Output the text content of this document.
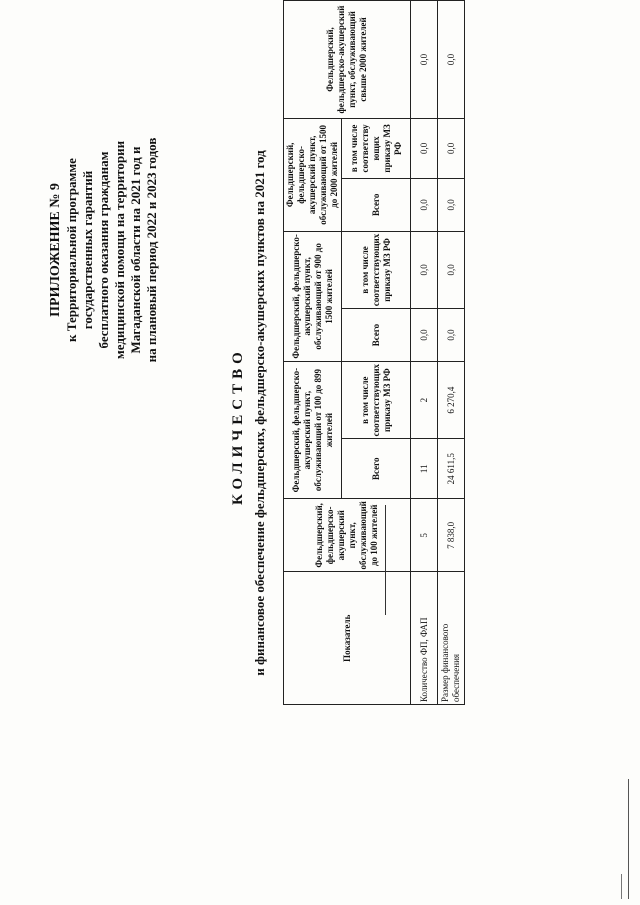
ПРИЛОЖЕНИЕ № 9 к Территориальной программе государственных гарантий бесплатного оказания гражданам медицинской помощи на территории Магаданской области на 2021 год и на плановый период 2022 и 2023 годов
КОЛИЧЕСТВО и финансовое обеспечение фельдшерских, фельдшерско-акушерских пунктов на 2021 год	Показатель	Фельдшерский, фельдшерско-акушерский пункт, обслуживающий до 100 жителей	Фельдшерский, фельдшерско-акушерский пункт, обслуживающий от 100 до 899 жителей		Фельдшерский, фельдшерско-акушерский пункт, обслуживающий от 900 до 1500 жителей		Фельдшерский, фельдшерско-акушерский пункт, обслуживающий от 1500 до 2000 жителей		Фельдшерский, фельдшерско-акушерский пункт, обслуживающий свыше 2000 жителей
		Всего	в том числе соответствующих приказу МЗ РФ	Всего	в том числе соответствующих приказу МЗ РФ	Всего	в том числе соответству ющих приказу МЗ РФ	
Количество ФП, ФАП	5	11	2	0,0	0,0	0,0	0,0	0,0
Размер финансового обеспечения	7 838,0	24 611,5	6 270,4	0,0	0,0	0,0	0,0	0,0
